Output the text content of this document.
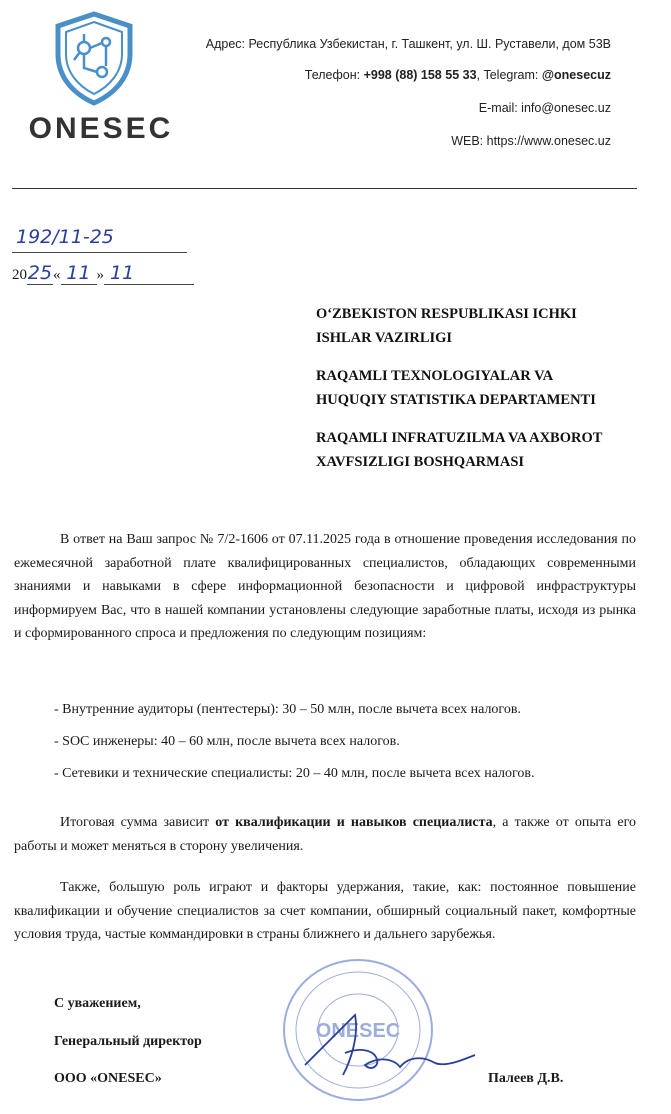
ONESEC
Адрес: Республика Узбекистан, г. Ташкент, ул. Ш. Руставели, дом 53В
Телефон: +998 (88) 158 55 33, Telegram: @onesecuz
E-mail: info@onesec.uz
WEB: https://www.onesec.uz
192/11-25
2025« 11 » 11
O‘ZBEKISTON RESPUBLIKASI ICHKI
ISHLAR VAZIRLIGI
RAQAMLI TEXNOLOGIYALAR VA
HUQUQIY STATISTIKA DEPARTAMENTI
RAQAMLI INFRATUZILMA VA AXBOROT
XAVFSIZLIGI BOSHQARMASI
В ответ на Ваш запрос № 7/2-1606 от 07.11.2025 года в отношение проведения исследования по ежемесячной заработной плате квалифицированных специалистов, обладающих современными знаниями и навыками в сфере информационной безопасности и цифровой инфраструктуры информируем Вас, что в нашей компании установлены следующие заработные платы, исходя из рынка и сформированного спроса и предложения по следующим позициям:
- Внутренние аудиторы (пентестеры): 30 – 50 млн, после вычета всех налогов.
- SOC инженеры: 40 – 60 млн, после вычета всех налогов.
- Сетевики и технические специалисты: 20 – 40 млн, после вычета всех налогов.
Итоговая сумма зависит от квалификации и навыков специалиста, а также от опыта его работы и может меняться в сторону увеличения.
Также, большую роль играют и факторы удержания, такие, как: постоянное повышение квалификации и обучение специалистов за счет компании, обширный социальный пакет, комфортные условия труда, частые коммандировки в страны ближнего и дальнего зарубежья.
ONESEC
С уважением,
Генеральный директор
ООО «ONESEC»	Палеев Д.В.
